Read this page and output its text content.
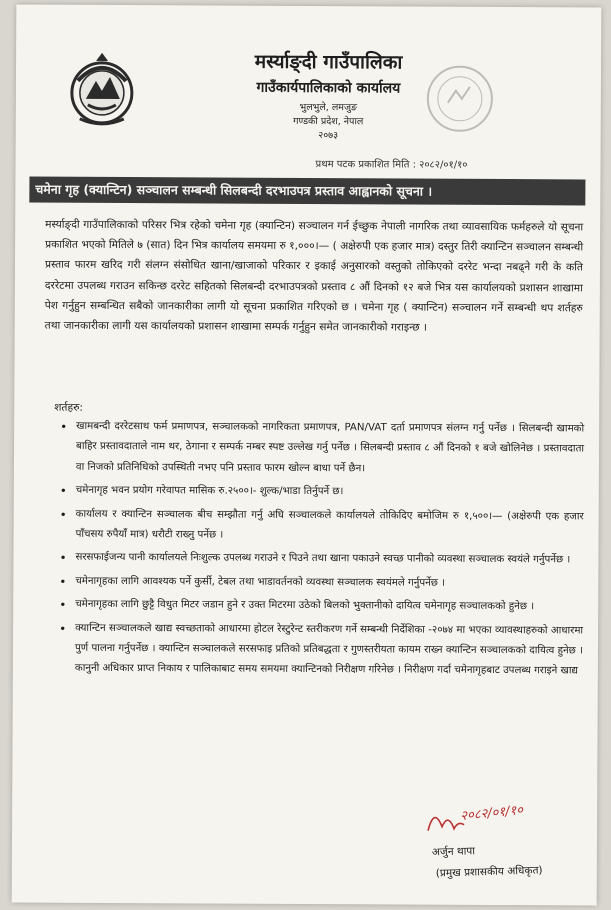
मर्स्याङ्दी गाउँपालिका
गाउँकार्यपालिकाको कार्यालय
भुलभुले, लमजुङ
गण्डकी प्रदेश, नेपाल
२०७३
प्रथम पटक प्रकाशित मिति : २०८२/०१/१०
चमेना गृह (क्यान्टिन) सञ्चालन सम्बन्धी सिलबन्दी दरभाउपत्र प्रस्ताव आह्वानको सूचना ।
मर्स्याङ्दी गाउँपालिकाको परिसर भित्र रहेको चमेना गृह (क्यान्टिन) सञ्चालन गर्न ईच्छुक नेपाली नागरिक तथा व्यावसायिक फर्महरुले यो सूचना प्रकाशित भएको मितिले ७ (सात) दिन भित्र कार्यालय समयमा रु १,०००।— ( अक्षेरुपी एक हजार मात्र) दस्तुर तिरी क्यान्टिन सञ्चालन सम्बन्धी प्रस्ताव फारम खरिद गरी संलग्न संसोधित खाना/खाजाको परिकार र इकाई अनुसारको वस्तुको तोकिएको दररेट भन्दा नबढ्ने गरी के कति दररेटमा उपलब्ध गराउन सकिन्छ दररेट सहितको सिलबन्दी दरभाउपत्रको प्रस्ताव ८ औं दिनको १२ बजे भित्र यस कार्यालयको प्रशासन शाखामा पेश गर्नुहुन सम्बन्धित सबैको जानकारीका लागी यो सूचना प्रकाशित गरिएको छ । चमेना गृह ( क्यान्टिन) सञ्चालन गर्ने सम्बन्धी थप शर्तहरु तथा जानकारीका लागी यस कार्यालयको प्रशासन शाखामा सम्पर्क गर्नुहुन समेत जानकारीको गराइन्छ ।
शर्तहरु:
• खामबन्दी दररेटसाथ फर्म प्रमाणपत्र, सञ्चालकको नागरिकता प्रमाणपत्र, PAN/VAT दर्ता प्रमाणपत्र संलग्न गर्नु पर्नेछ । सिलबन्दी खामको बाहिर प्रस्तावदाताले नाम थर, ठेगाना र सम्पर्क नम्बर स्पष्ट उल्लेख गर्नु पर्नेछ । सिलबन्दी प्रस्ताव ८ औं दिनको १ बजे खोलिनेछ । प्रस्तावदाता वा निजको प्रतिनिधिको उपस्थिती नभए पनि प्रस्ताव फारम खोल्न बाधा पर्ने छैन।
• चमेनागृह भवन प्रयोग गरेवापत मासिक रु.२५००।- शुल्क/भाडा तिर्नुपर्ने छ।
• कार्यालय र क्यान्टिन सञ्चालक बीच सम्झौता गर्नु अघि सञ्चालकले कार्यालयले तोकिदिए बमोजिम रु १,५००।— (अक्षेरुपी एक हजार पाँचसय रुपैयाँ मात्र) धरौटी राख्नु पर्नेछ ।
• सरसफाईजन्य पानी कार्यालयले निःशुल्क उपलब्ध गराउने र पिउने तथा खाना पकाउने स्वच्छ पानीको व्यवस्था सञ्चालक स्वयंले गर्नुपर्नेछ ।
• चमेनागृहका लागि आवश्यक पर्ने कुर्सी, टेबल तथा भाडावर्तनको व्यवस्था सञ्चालक स्वयंमले गर्नुपर्नेछ ।
• चमेनागृहका लागि छुट्टै विधुत मिटर जडान हुने र उक्त मिटरमा उठेको बिलको भुक्तानीको दायित्व चमेनागृह सञ्चालकको हुनेछ ।
• क्यान्टिन सञ्चालकले खाद्य स्वच्छताको आधारमा होटल रेस्टुरेन्ट स्तरीकरण गर्ने सम्बन्धी निर्देशिका -२०७४ मा भएका व्यावस्थाहरुको आधारमा पुर्ण पालना गर्नुपर्नेछ । क्यान्टिन सञ्चालकले सरसफाइ प्रतिको प्रतिबद्धता र गुणस्तरीयता कायम राख्न क्यान्टिन सञ्चालकको दायित्व हुनेछ । कानुनी अधिकार प्राप्त निकाय र पालिकाबाट समय समयमा क्यान्टिनको निरीक्षण गरिनेछ । निरीक्षण गर्दा चमेनागृहबाट उपलब्ध गराइने खाद्य
२०८२/०१/१०
अर्जुन थापा
(प्रमुख प्रशासकीय अधिकृत)
